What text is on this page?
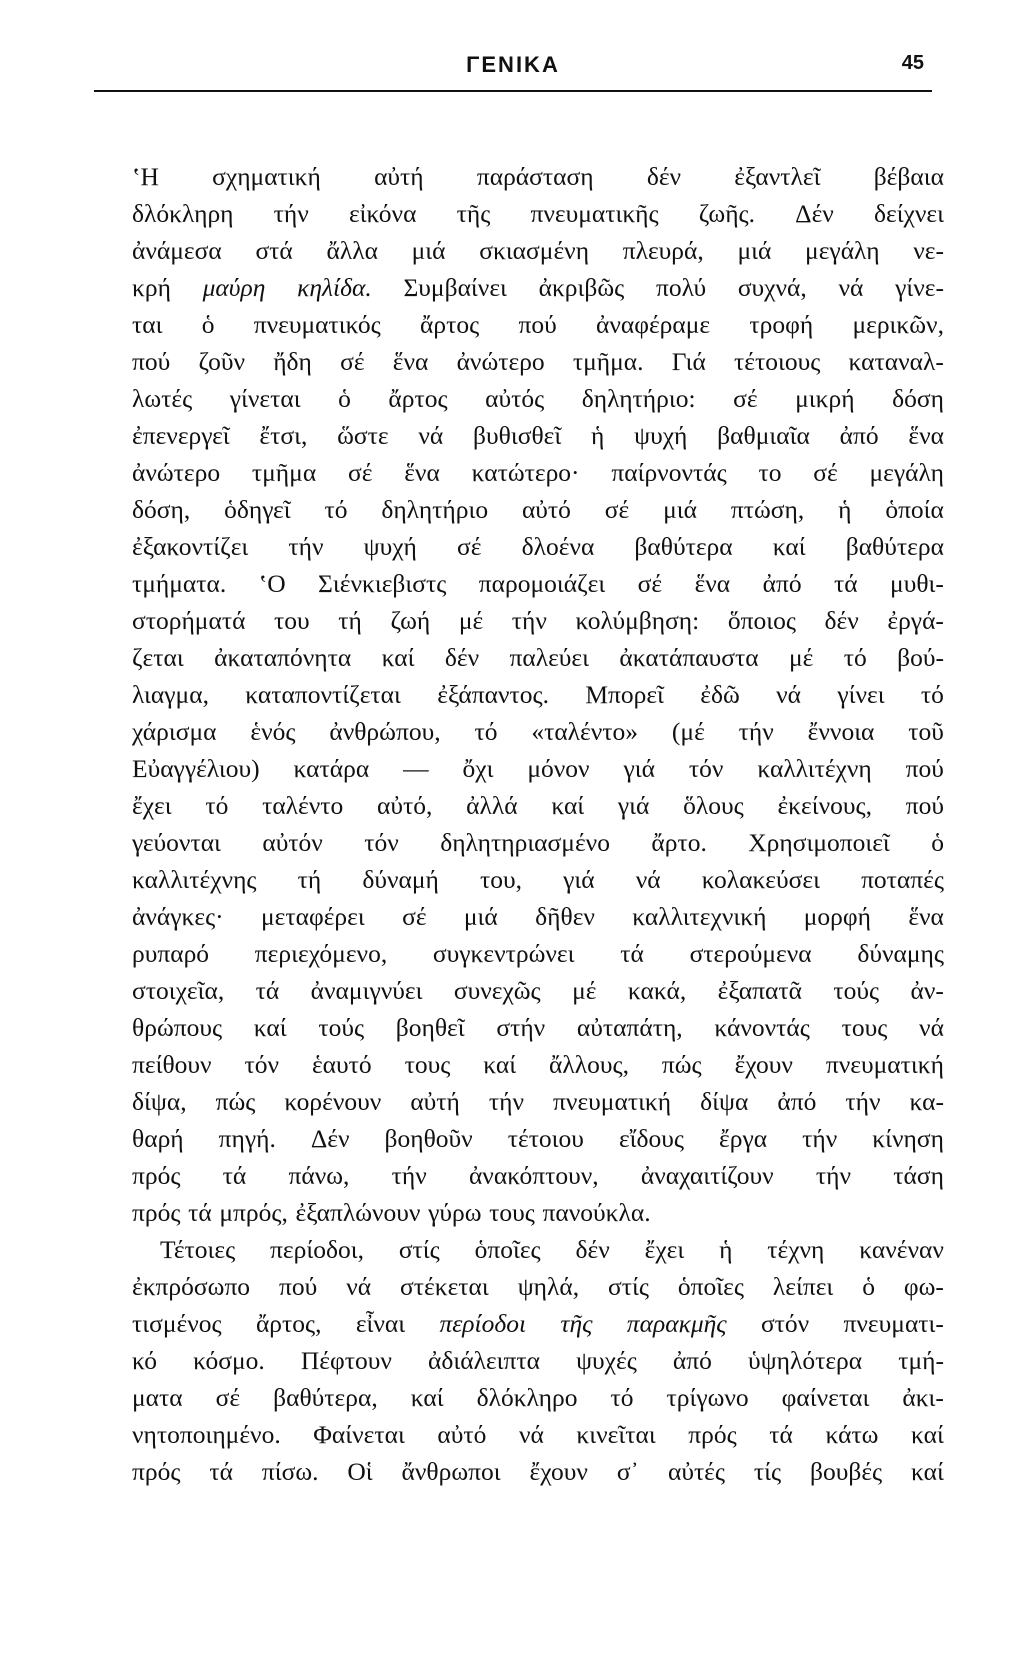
ΓΕΝΙΚΑ	45
‛Η σχηματική αὐτή παράσταση δέν ἐξαντλεῖ βέβαια
δλόκληρη τήν εἰκόνα τῆς πνευματικῆς ζωῆς. Δέν δείχνει
ἀνάμεσα στά ἄλλα μιά σκιασμένη πλευρά, μιά μεγάλη νε-
κρή μαύρη κηλίδα. Συμβαίνει ἀκριβῶς πολύ συχνά, νά γίνε-
ται ὁ πνευματικός ἄρτος πού ἀναφέραμε τροφή μερικῶν,
πού ζοῦν ἤδη σέ ἕνα ἀνώτερο τμῆμα. Γιά τέτοιους καταναλ-
λωτές γίνεται ὁ ἄρτος αὐτός δηλητήριο: σέ μικρή δόση
ἐπενεργεῖ ἔτσι, ὥστε νά βυθισθεῖ ἡ ψυχή βαθμιαῖα ἀπό ἕνα
ἀνώτερο τμῆμα σέ ἕνα κατώτερο· παίρνοντάς το σέ μεγάλη
δόση, ὁδηγεῖ τό δηλητήριο αὐτό σέ μιά πτώση, ἡ ὁποία
ἐξακοντίζει τήν ψυχή σέ δλοένα βαθύτερα καί βαθύτερα
τμήματα. ‛Ο Σιένκιεβιστς παρομοιάζει σέ ἕνα ἀπό τά μυθι-
στορήματά του τή ζωή μέ τήν κολύμβηση: ὅποιος δέν ἐργά-
ζεται ἀκαταπόνητα καί δέν παλεύει ἀκατάπαυστα μέ τό βού-
λιαγμα, καταποντίζεται ἐξάπαντος. Μπορεῖ ἐδῶ νά γίνει τό
χάρισμα ἑνός ἀνθρώπου, τό «ταλέντο» (μέ τήν ἔννοια τοῦ
Εὐαγγέλιου) κατάρα — ὄχι μόνον γιά τόν καλλιτέχνη πού
ἔχει τό ταλέντο αὐτό, ἀλλά καί γιά ὅλους ἐκείνους, πού
γεύονται αὐτόν τόν δηλητηριασμένο ἄρτο. Χρησιμοποιεῖ ὁ
καλλιτέχνης τή δύναμή του, γιά νά κολακεύσει ποταπές
ἀνάγκες· μεταφέρει σέ μιά δῆθεν καλλιτεχνική μορφή ἕνα
ρυπαρό περιεχόμενο, συγκεντρώνει τά στερούμενα δύναμης
στοιχεῖα, τά ἀναμιγνύει συνεχῶς μέ κακά, ἐξαπατᾶ τούς ἀν-
θρώπους καί τούς βοηθεῖ στήν αὐταπάτη, κάνοντάς τους νά
πείθουν τόν ἑαυτό τους καί ἄλλους, πώς ἔχουν πνευματική
δίψα, πώς κορένουν αὐτή τήν πνευματική δίψα ἀπό τήν κα-
θαρή πηγή. Δέν βοηθοῦν τέτοιου εἴδους ἔργα τήν κίνηση
πρός τά πάνω, τήν ἀνακόπτουν, ἀναχαιτίζουν τήν τάση
πρός τά μπρός, ἐξαπλώνουν γύρω τους πανούκλα.
Τέτοιες περίοδοι, στίς ὁποῖες δέν ἔχει ἡ τέχνη κανέναν
ἐκπρόσωπο πού νά στέκεται ψηλά, στίς ὁποῖες λείπει ὁ φω-
τισμένος ἄρτος, εἶναι περίοδοι τῆς παρακμῆς στόν πνευματι-
κό κόσμο. Πέφτουν ἀδιάλειπτα ψυχές ἀπό ὑψηλότερα τμή-
ματα σέ βαθύτερα, καί δλόκληρο τό τρίγωνο φαίνεται ἀκι-
νητοποιημένο. Φαίνεται αὐτό νά κινεῖται πρός τά κάτω καί
πρός τά πίσω. Οἱ ἄνθρωποι ἔχουν σ᾿ αὐτές τίς βουβές καί
